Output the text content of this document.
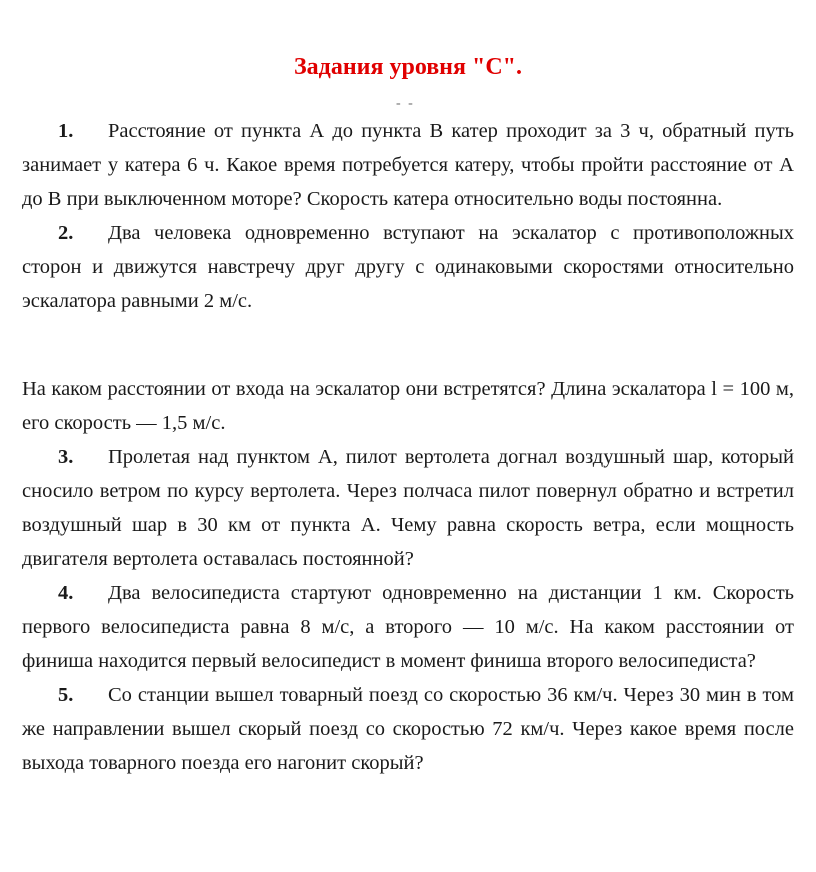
Задания уровня "С".
- -

1. Расстояние от пункта А до пункта В катер проходит за 3 ч, обратный путь занимает у катера 6 ч. Какое время потребуется катеру, чтобы пройти расстояние от А до В при выключенном моторе? Скорость катера относительно воды постоянна.

2. Два человека одновременно вступают на эскалатор с противоположных сторон и движутся навстречу друг другу с одинаковыми скоростями относительно эскалатора равными 2 м/с.

На каком расстоянии от входа на эскалатор они встретятся? Длина эскалатора l = 100 м, его скорость — 1,5 м/с.

3. Пролетая над пунктом А, пилот вертолета догнал воздушный шар, который сносило ветром по курсу вертолета. Через полчаса пилот повернул обратно и встретил воздушный шар в 30 км от пункта А. Чему равна скорость ветра, если мощность двигателя вертолета оставалась постоянной?

4. Два велосипедиста стартуют одновременно на дистанции 1 км. Скорость первого велосипедиста равна 8 м/с, а второго — 10 м/с. На каком расстоянии от финиша находится первый велосипедист в момент финиша второго велосипедиста?

5. Со станции вышел товарный поезд со скоростью 36 км/ч. Через 30 мин в том же направлении вышел скорый поезд со скоростью 72 км/ч. Через какое время после выхода товарного поезда его нагонит скорый?
